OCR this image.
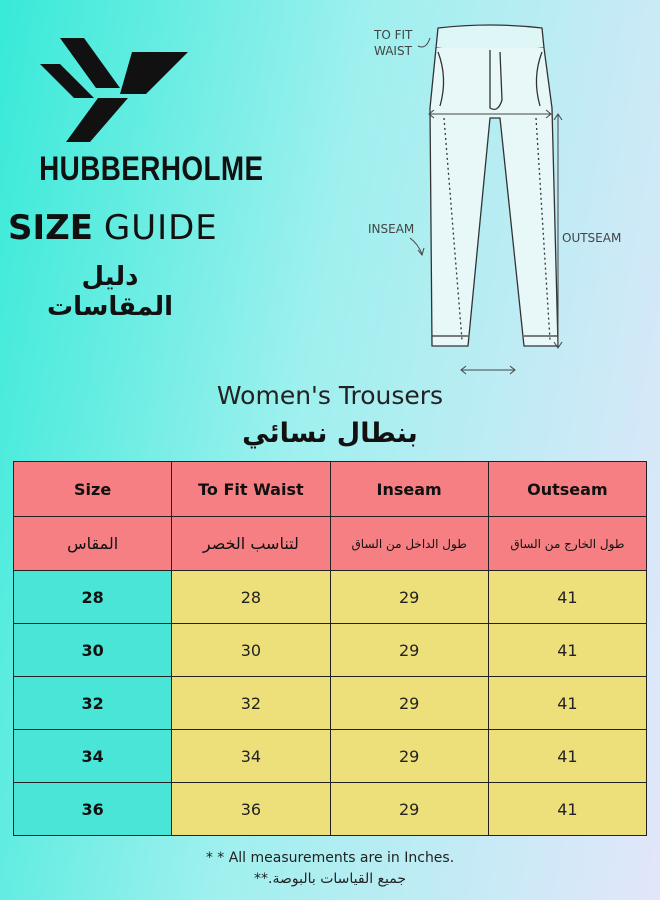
HUBBERHOLME
SIZE GUIDE
دليل المقاسات
TO FIT
WAIST
INSEAM
OUTSEAM
Women's Trousers
بنطال نسائي
Size	To Fit Waist	Inseam	Outseam
المقاس	لتناسب الخصر	طول الداخل من الساق	طول الخارج من الساق
28	28	29	41
30	30	29	41
32	32	29	41
34	34	29	41
36	36	29	41
* * All measurements are in Inches.
جميع القياسات بالبوصة.**
